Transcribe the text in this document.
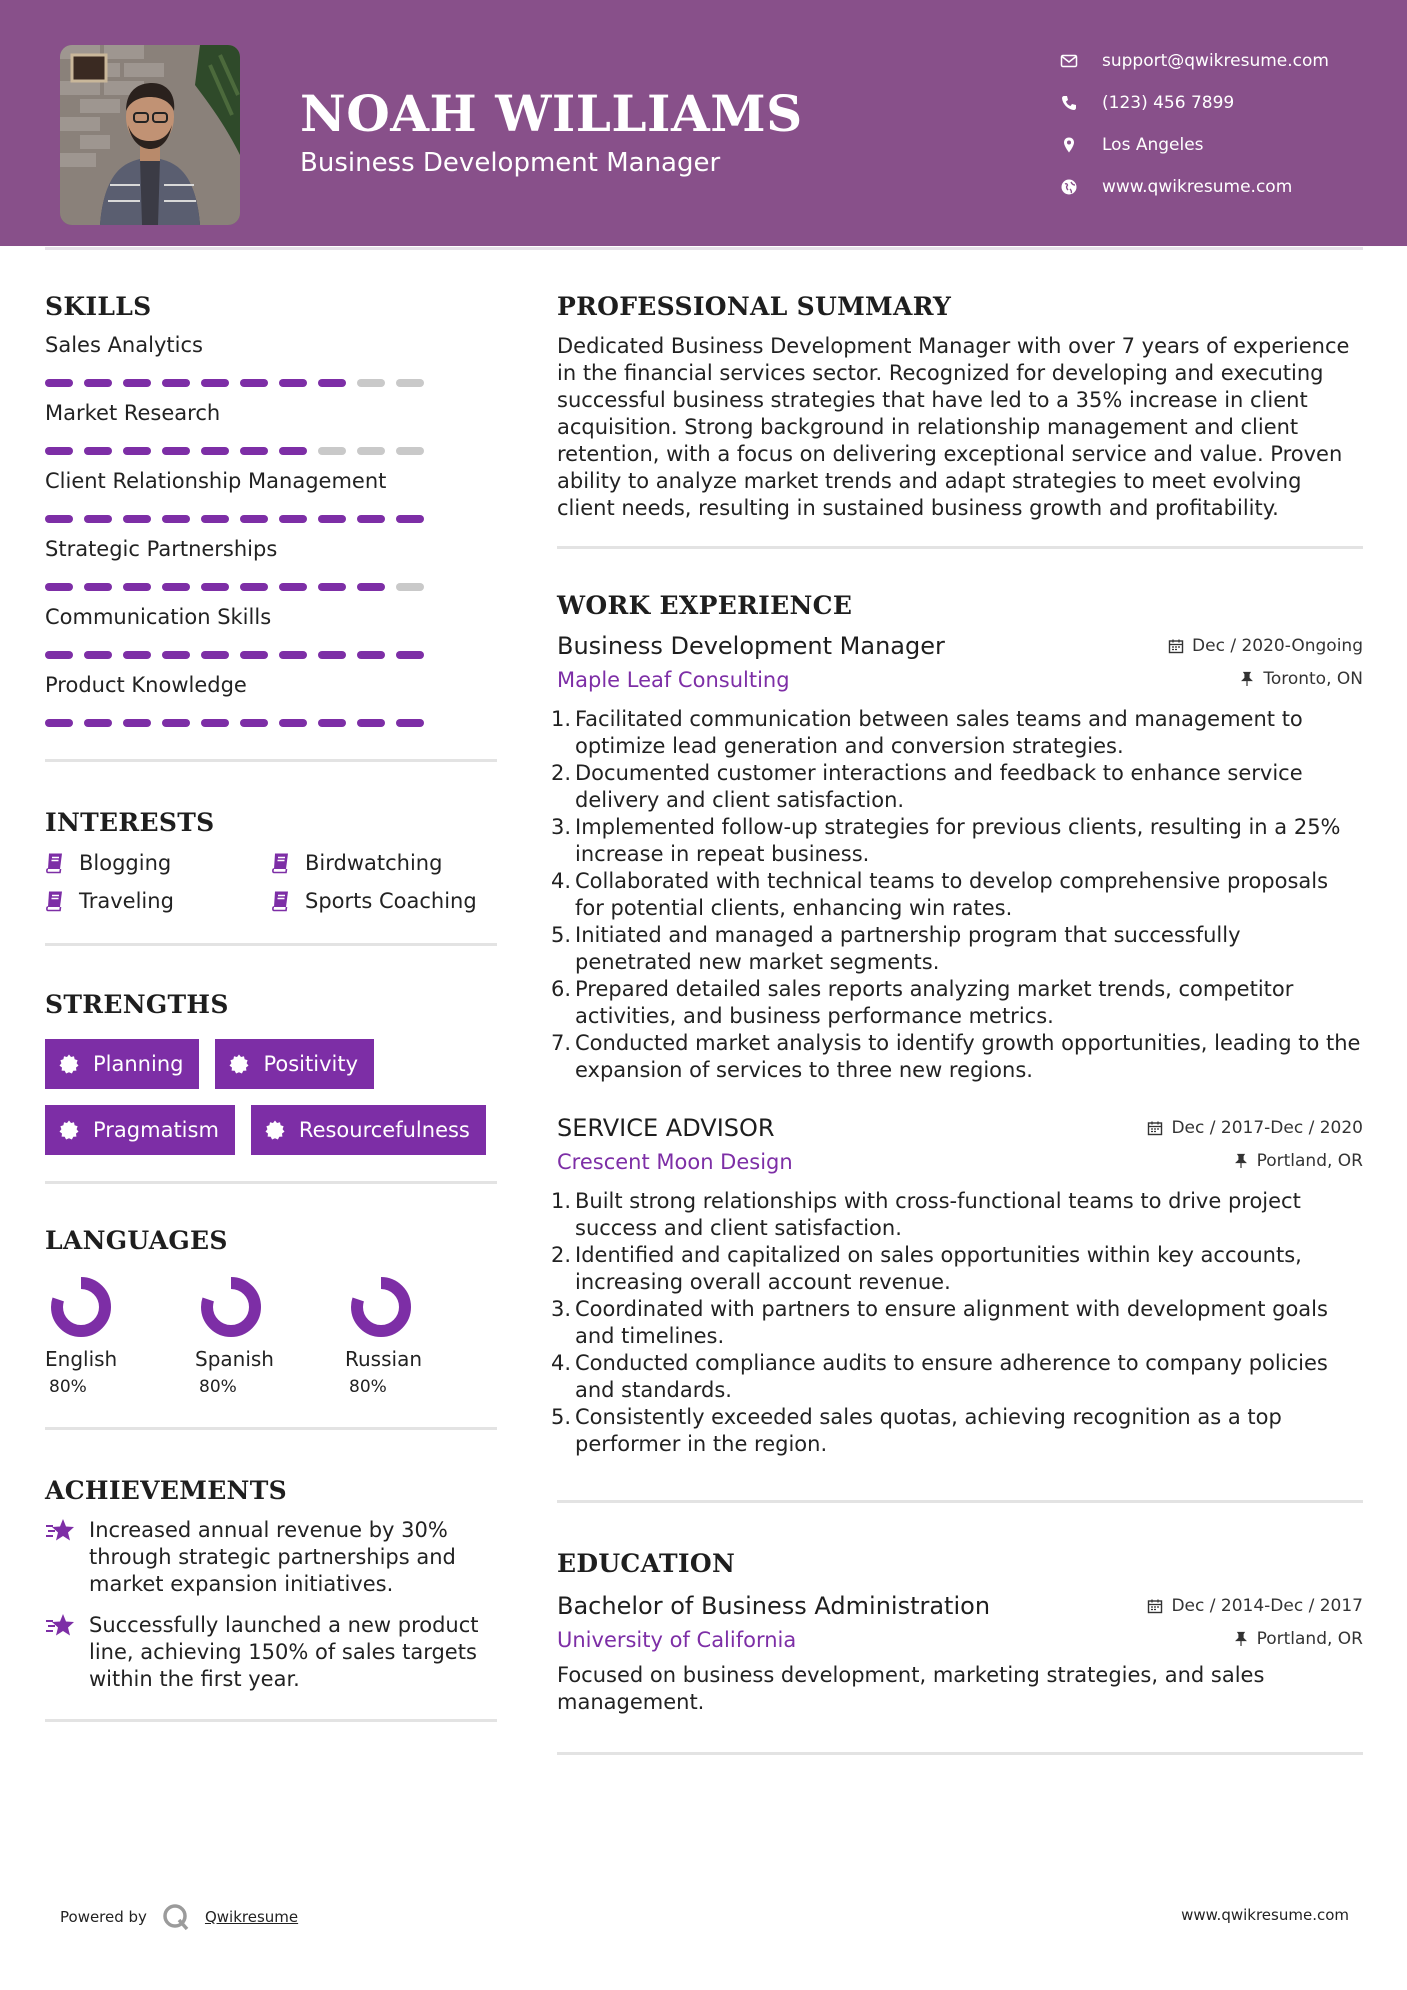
NOAH WILLIAMS
Business Development Manager
support@qwikresume.com
(123) 456 7899
Los Angeles
www.qwikresume.com
SKILLS
Sales Analytics
Market Research
Client Relationship Management
Strategic Partnerships
Communication Skills
Product Knowledge
INTERESTS
Blogging	Birdwatching
Traveling	Sports Coaching
STRENGTHS
Planning	Positivity
Pragmatism	Resourcefulness
LANGUAGES
English
80%
Spanish
80%
Russian
80%
ACHIEVEMENTS
Increased annual revenue by 30% through strategic partnerships and market expansion initiatives.
Successfully launched a new product line, achieving 150% of sales targets within the first year.
PROFESSIONAL SUMMARY
Dedicated Business Development Manager with over 7 years of experience in the financial services sector. Recognized for developing and executing successful business strategies that have led to a 35% increase in client acquisition. Strong background in relationship management and client retention, with a focus on delivering exceptional service and value. Proven ability to analyze market trends and adapt strategies to meet evolving client needs, resulting in sustained business growth and profitability.
WORK EXPERIENCE
Business Development Manager	Dec / 2020-Ongoing
Maple Leaf Consulting	Toronto, ON
Facilitated communication between sales teams and management to optimize lead generation and conversion strategies.
Documented customer interactions and feedback to enhance service delivery and client satisfaction.
Implemented follow-up strategies for previous clients, resulting in a 25% increase in repeat business.
Collaborated with technical teams to develop comprehensive proposals for potential clients, enhancing win rates.
Initiated and managed a partnership program that successfully penetrated new market segments.
Prepared detailed sales reports analyzing market trends, competitor activities, and business performance metrics.
Conducted market analysis to identify growth opportunities, leading to the expansion of services to three new regions.
SERVICE ADVISOR	Dec / 2017-Dec / 2020
Crescent Moon Design	Portland, OR
Built strong relationships with cross-functional teams to drive project success and client satisfaction.
Identified and capitalized on sales opportunities within key accounts, increasing overall account revenue.
Coordinated with partners to ensure alignment with development goals and timelines.
Conducted compliance audits to ensure adherence to company policies and standards.
Consistently exceeded sales quotas, achieving recognition as a top performer in the region.
EDUCATION
Bachelor of Business Administration	Dec / 2014-Dec / 2017
University of California	Portland, OR
Focused on business development, marketing strategies, and sales management.
Powered by	Qwikresume	www.qwikresume.com
